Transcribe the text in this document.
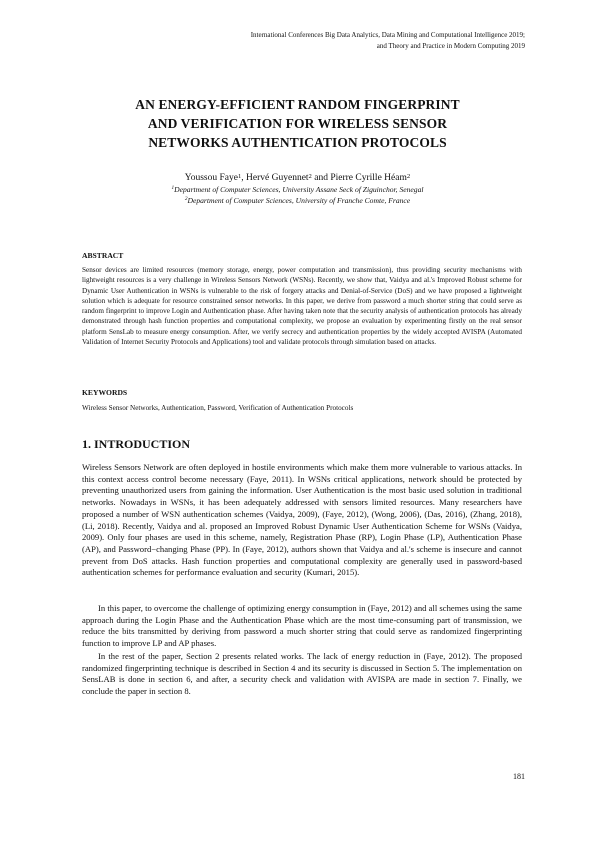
International Conferences Big Data Analytics, Data Mining and Computational Intelligence 2019;
and Theory and Practice in Modern Computing 2019
AN ENERGY-EFFICIENT RANDOM FINGERPRINT
AND VERIFICATION FOR WIRELESS SENSOR
NETWORKS AUTHENTICATION PROTOCOLS
Youssou Faye$^1$, Hervé Guyennet$^2$ and Pierre Cyrille Héam$^2$
$^1$Department of Computer Sciences, University Assane Seck of Ziguinchor, Senegal
$^2$Department of Computer Sciences, University of Franche Comte, France
ABSTRACT

Sensor devices are limited resources (memory storage, energy, power computation and transmission), thus providing security mechanisms with lightweight resources is a very challenge in Wireless Sensors Network (WSNs). Recently, we show that, Vaidya and al.'s Improved Robust scheme for Dynamic User Authentication in WSNs is vulnerable to the risk of forgery attacks and Denial-of-Service (DoS) and we have proposed a lightweight solution which is adequate for resource constrained sensor networks. In this paper, we derive from password a much shorter string that could serve as random fingerprint to improve Login and Authentication phase. After having taken note that the security analysis of authentication protocols has already demonstrated through hash function properties and computational complexity, we propose an evaluation by experimenting firstly on the real sensor platform SensLab to measure energy consumption. After, we verify secrecy and authentication properties by the widely accepted AVISPA (Automated Validation of Internet Security Protocols and Applications) tool and validate protocols through simulation based on attacks.

KEYWORDS

Wireless Sensor Networks, Authentication, Password, Verification of Authentication Protocols

1. INTRODUCTION

Wireless Sensors Network are often deployed in hostile environments which make them more vulnerable to various attacks. In this context access control become necessary (Faye, 2011). In WSNs critical applications, network should be protected by preventing unauthorized users from gaining the information. User Authentication is the most basic used solution in traditional networks. Nowadays in WSNs, it has been adequately addressed with sensors limited resources. Many researchers have proposed a number of WSN authentication schemes (Vaidya, 2009), (Faye, 2012), (Wong, 2006), (Das, 2016), (Zhang, 2018), (Li, 2018). Recently, Vaidya and al. proposed an Improved Robust Dynamic User Authentication Scheme for WSNs (Vaidya, 2009). Only four phases are used in this scheme, namely, Registration Phase (RP), Login Phase (LP), Authentication Phase (AP), and Password−changing Phase (PP). In (Faye, 2012), authors shown that Vaidya and al.'s scheme is insecure and cannot prevent from DoS attacks. Hash function properties and computational complexity are generally used in password-based authentication schemes for performance evaluation and security (Kumari, 2015).

In this paper, to overcome the challenge of optimizing energy consumption in (Faye, 2012) and all schemes using the same approach during the Login Phase and the Authentication Phase which are the most time-consuming part of transmission, we reduce the bits transmitted by deriving from password a much shorter string that could serve as randomized fingerprinting function to improve LP and AP phases.

In the rest of the paper, Section 2 presents related works. The lack of energy reduction in (Faye, 2012). The proposed randomized fingerprinting technique is described in Section 4 and its security is discussed in Section 5. The implementation on SensLAB is done in section 6, and after, a security check and validation with AVISPA are made in section 7. Finally, we conclude the paper in section 8.

181
